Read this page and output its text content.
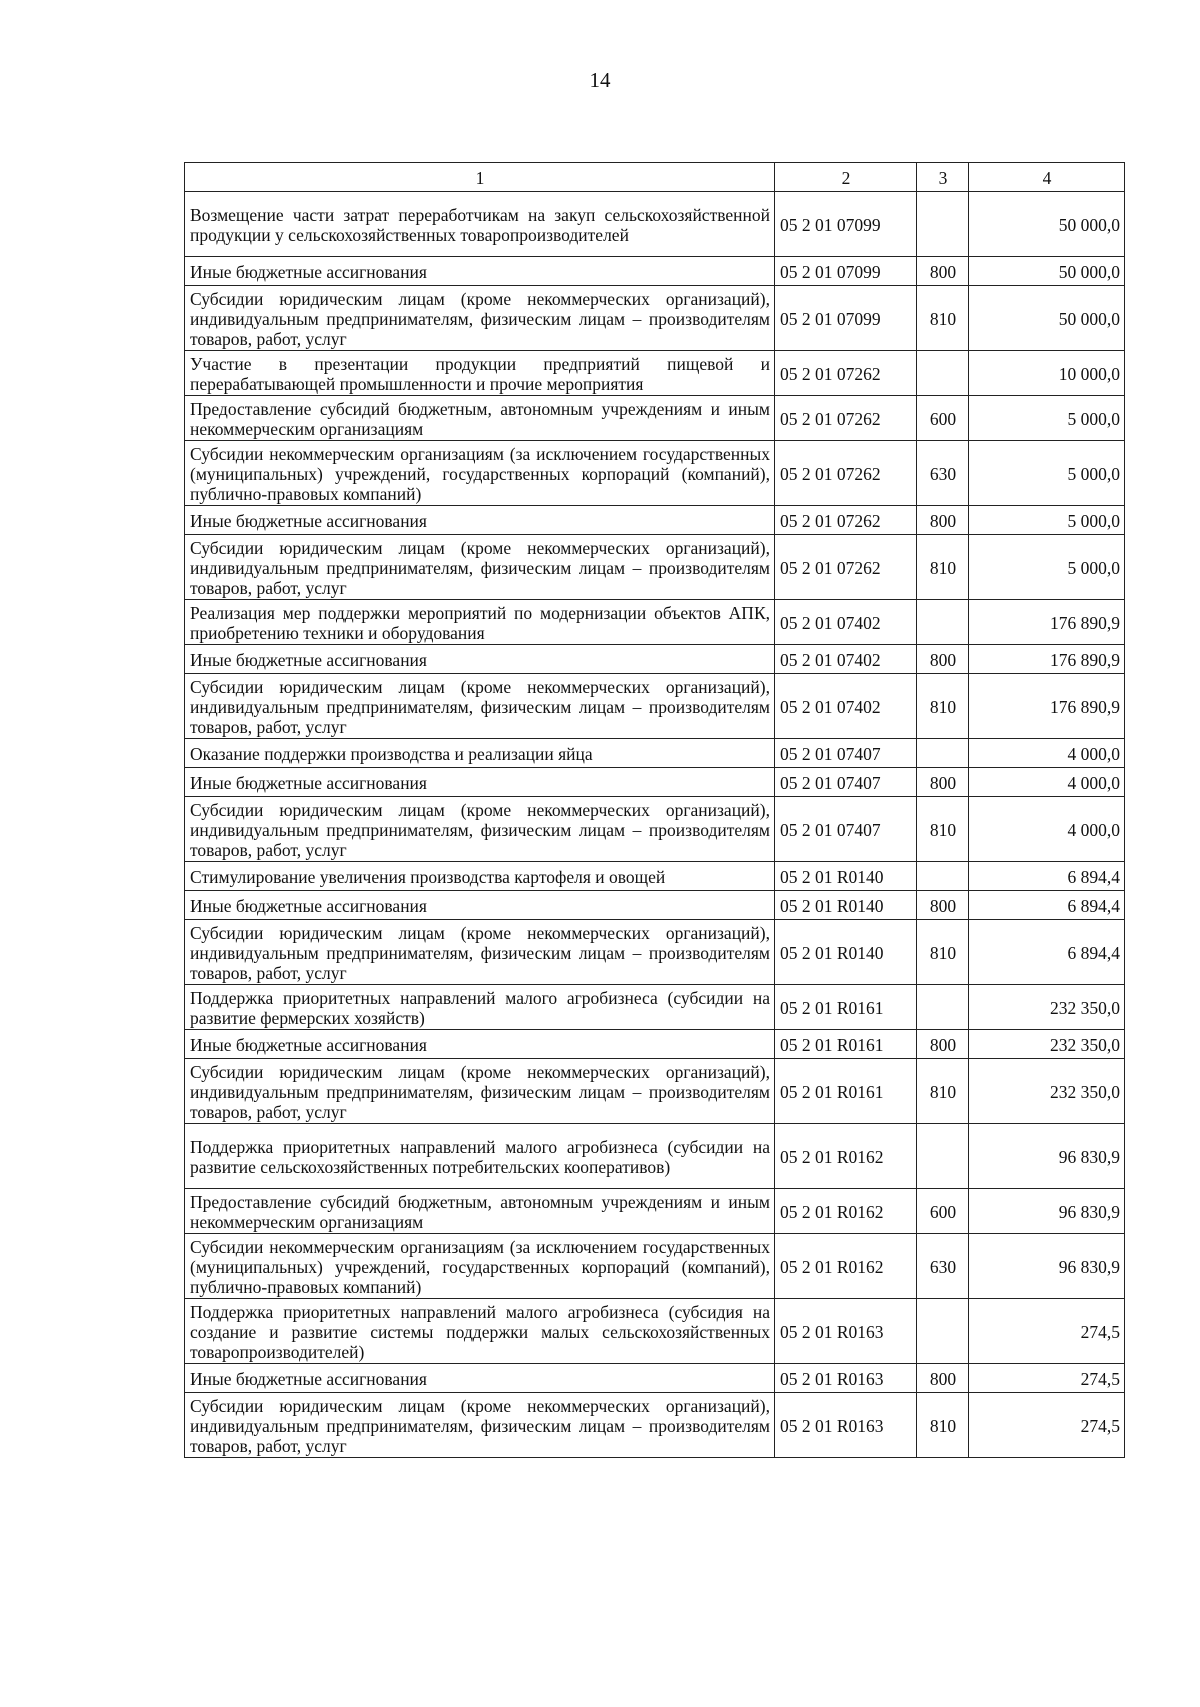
14
1	2	3	4
Возмещение части затрат переработчикам на закуп сельскохозяйственной продукции у сельскохозяйственных товаропроизводителей	05 2 01 07099		50 000,0
Иные бюджетные ассигнования	05 2 01 07099	800	50 000,0
Субсидии юридическим лицам (кроме некоммерческих организаций), индивидуальным предпринимателям, физическим лицам – производителям товаров, работ, услуг	05 2 01 07099	810	50 000,0
Участие в презентации продукции предприятий пищевой и перерабатывающей промышленности и прочие мероприятия	05 2 01 07262		10 000,0
Предоставление субсидий бюджетным, автономным учреждениям и иным некоммерческим организациям	05 2 01 07262	600	5 000,0
Субсидии некоммерческим организациям (за исключением государственных (муниципальных) учреждений, государственных корпораций (компаний), публично-правовых компаний)	05 2 01 07262	630	5 000,0
Иные бюджетные ассигнования	05 2 01 07262	800	5 000,0
Субсидии юридическим лицам (кроме некоммерческих организаций), индивидуальным предпринимателям, физическим лицам – производителям товаров, работ, услуг	05 2 01 07262	810	5 000,0
Реализация мер поддержки мероприятий по модернизации объектов АПК, приобретению техники и оборудования	05 2 01 07402		176 890,9
Иные бюджетные ассигнования	05 2 01 07402	800	176 890,9
Субсидии юридическим лицам (кроме некоммерческих организаций), индивидуальным предпринимателям, физическим лицам – производителям товаров, работ, услуг	05 2 01 07402	810	176 890,9
Оказание поддержки производства и реализации яйца	05 2 01 07407		4 000,0
Иные бюджетные ассигнования	05 2 01 07407	800	4 000,0
Субсидии юридическим лицам (кроме некоммерческих организаций), индивидуальным предпринимателям, физическим лицам – производителям товаров, работ, услуг	05 2 01 07407	810	4 000,0
Стимулирование увеличения производства картофеля и овощей	05 2 01 R0140		6 894,4
Иные бюджетные ассигнования	05 2 01 R0140	800	6 894,4
Субсидии юридическим лицам (кроме некоммерческих организаций), индивидуальным предпринимателям, физическим лицам – производителям товаров, работ, услуг	05 2 01 R0140	810	6 894,4
Поддержка приоритетных направлений малого агробизнеса (субсидии на развитие фермерских хозяйств)	05 2 01 R0161		232 350,0
Иные бюджетные ассигнования	05 2 01 R0161	800	232 350,0
Субсидии юридическим лицам (кроме некоммерческих организаций), индивидуальным предпринимателям, физическим лицам – производителям товаров, работ, услуг	05 2 01 R0161	810	232 350,0
Поддержка приоритетных направлений малого агробизнеса (субсидии на развитие сельскохозяйственных потребительских кооперативов)	05 2 01 R0162		96 830,9
Предоставление субсидий бюджетным, автономным учреждениям и иным некоммерческим организациям	05 2 01 R0162	600	96 830,9
Субсидии некоммерческим организациям (за исключением государственных (муниципальных) учреждений, государственных корпораций (компаний), публично-правовых компаний)	05 2 01 R0162	630	96 830,9
Поддержка приоритетных направлений малого агробизнеса (субсидия на создание и развитие системы поддержки малых сельскохозяйственных товаропроизводителей)	05 2 01 R0163		274,5
Иные бюджетные ассигнования	05 2 01 R0163	800	274,5
Субсидии юридическим лицам (кроме некоммерческих организаций), индивидуальным предпринимателям, физическим лицам – производителям товаров, работ, услуг	05 2 01 R0163	810	274,5
